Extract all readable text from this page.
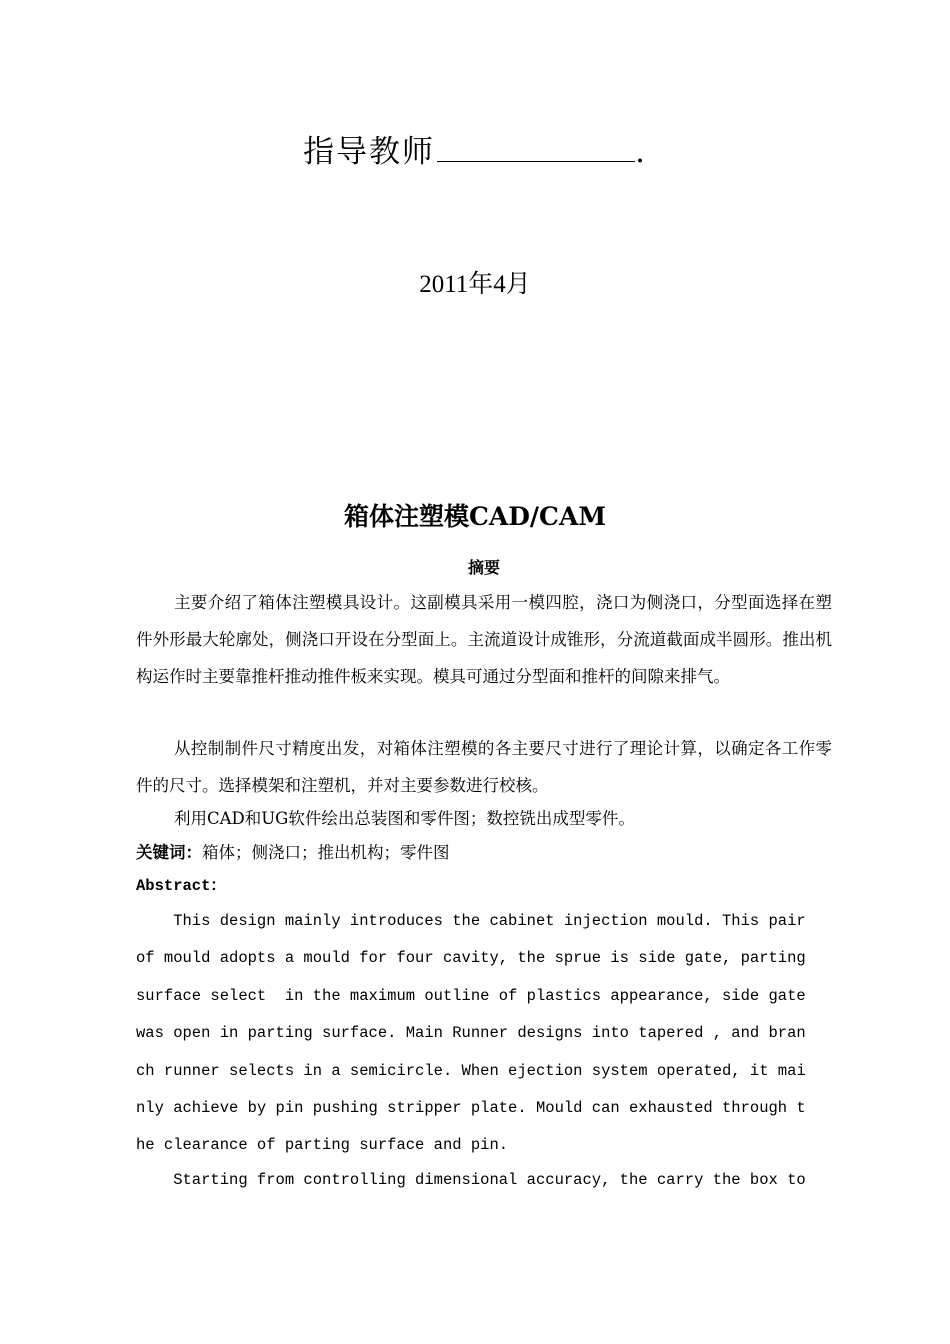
指导教师	.
2011年4月
箱体注塑模CAD/CAM
摘要

主要介绍了箱体注塑模具设计。这副模具采用一模四腔，浇口为侧浇口，分型面选择在塑件外形最大轮廓处，侧浇口开设在分型面上。主流道设计成锥形，分流道截面成半圆形。推出机构运作时主要靠推杆推动推件板来实现。模具可通过分型面和推杆的间隙来排气。

从控制制件尺寸精度出发，对箱体注塑模的各主要尺寸进行了理论计算，以确定各工作零件的尺寸。选择模架和注塑机，并对主要参数进行校核。

利用CAD和UG软件绘出总装图和零件图；数控铣出成型零件。

关键词：箱体；侧浇口；推出机构；零件图
Abstract：
This design mainly introduces the cabinet injection mould. This pair
of mould adopts a mould for four cavity, the sprue is side gate, parting
surface select  in the maximum outline of plastics appearance, side gate
was open in parting surface. Main Runner designs into tapered , and bran
ch runner selects in a semicircle. When ejection system operated, it mai
nly achieve by pin pushing stripper plate. Mould can exhausted through t
he clearance of parting surface and pin.
Starting from controlling dimensional accuracy, the carry the box to
